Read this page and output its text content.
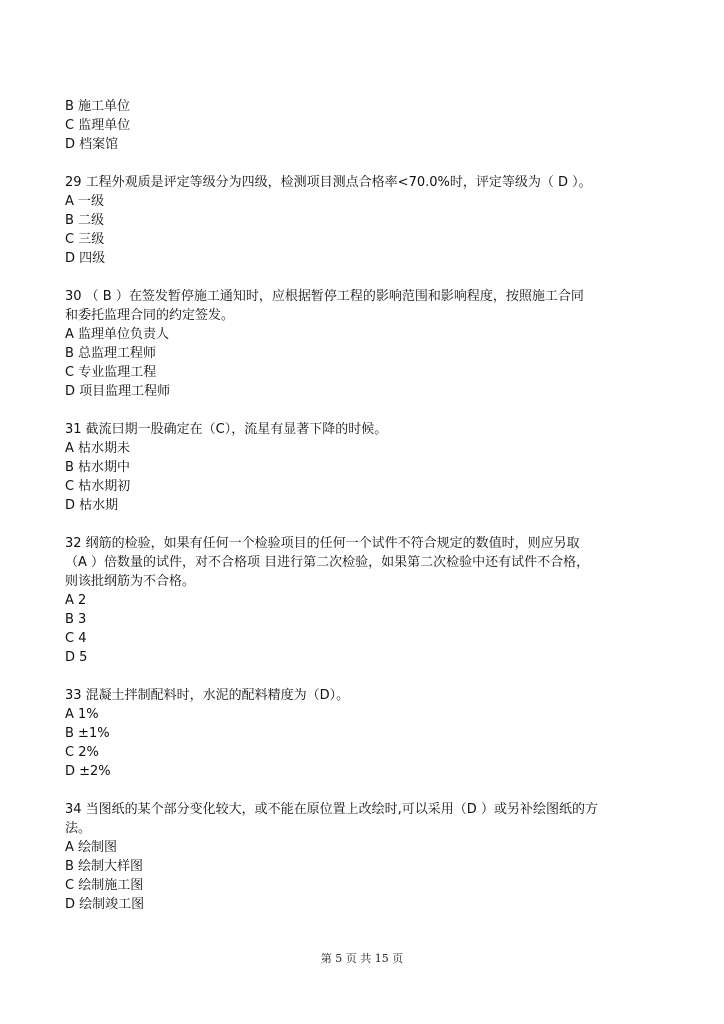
B 施工单位
C 监理单位
D 档案馆
29 工程外观质是评定等级分为四级，检测项目测点合格率<70.0%时，评定等级为（ D ）。
A 一级
B 二级
C 三级
D 四级
30 （ B ）在签发暂停施工通知时，应根据暂停工程的影响范围和影响程度，按照施工合同
和委托监理合同的约定签发。
A 监理单位负责人
B 总监理工程师
C 专业监理工程
D 项目监理工程师
31 截流曰期一股确定在（C），流星有显著下降的时候。
A 枯水期未
B 枯水期中
C 枯水期初
D 枯水期
32 纲筋的检验，如果有任何一个检验项目的任何一个试件不符合规定的数值时，则应另取
（A ）倍数量的试件，对不合格项 目进行第二次检验，如果第二次检验中还有试件不合格，
则该批纲筋为不合格。
A 2
B 3
C 4
D 5
33 混凝土拌制配料时，水泥的配料精度为（D）。
A 1%
B ±1%
C 2%
D ±2%
34 当图纸的某个部分变化较大，或不能在原位置上改绘时,可以采用（D ）或另补绘图纸的方
法。
A 绘制图
B 绘制大样图
C 绘制施工图
D 绘制竣工图
第 5 页 共 15 页
